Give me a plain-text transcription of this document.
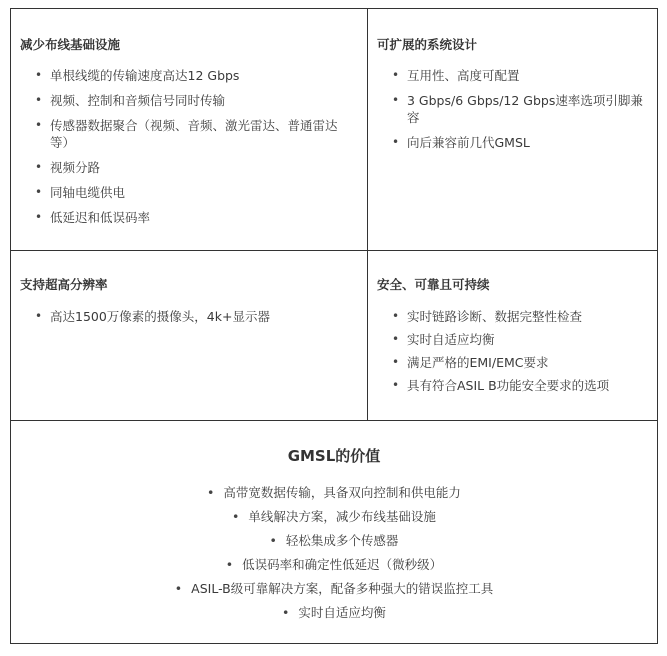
减少布线基础设施
• 单根线缆的传输速度高达12 Gbps
• 视频、控制和音频信号同时传输
• 传感器数据聚合（视频、音频、激光雷达、普通雷达等）
• 视频分路
• 同轴电缆供电
• 低延迟和低误码率
可扩展的系统设计
• 互用性、高度可配置
• 3 Gbps/6 Gbps/12 Gbps速率选项引脚兼容
• 向后兼容前几代GMSL
支持超高分辨率
• 高达1500万像素的摄像头，4k+显示器
安全、可靠且可持续
• 实时链路诊断、数据完整性检查
• 实时自适应均衡
• 满足严格的EMI/EMC要求
• 具有符合ASIL B功能安全要求的选项
GMSL的价值
• 高带宽数据传输，具备双向控制和供电能力
• 单线解决方案，减少布线基础设施
• 轻松集成多个传感器
• 低误码率和确定性低延迟（微秒级）
• ASIL-B级可靠解决方案，配备多种强大的错误监控工具
• 实时自适应均衡
